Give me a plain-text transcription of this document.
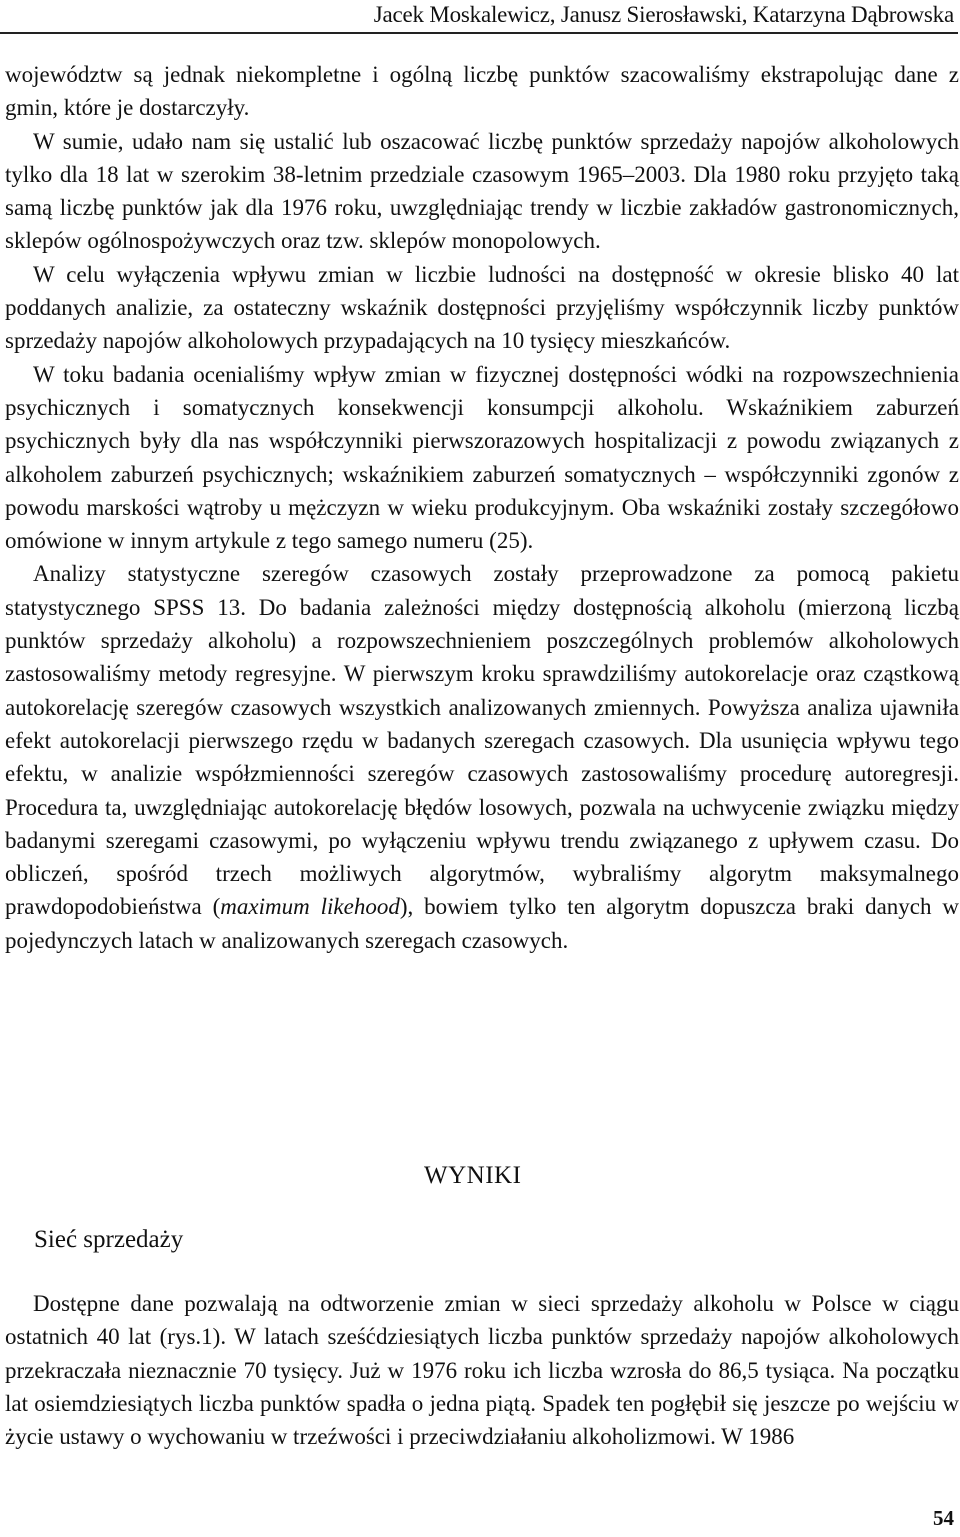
Jacek Moskalewicz, Janusz Sierosławski, Katarzyna Dąbrowska

województw są jednak niekompletne i ogólną liczbę punktów szacowaliśmy ekstrapolując dane z gmin, które je dostarczyły.

W sumie, udało nam się ustalić lub oszacować liczbę punktów sprzedaży napojów alkoholowych tylko dla 18 lat w szerokim 38-letnim przedziale czasowym 1965–2003. Dla 1980 roku przyjęto taką samą liczbę punktów jak dla 1976 roku, uwzględniając trendy w liczbie zakładów gastronomicznych, sklepów ogólnospożywczych oraz tzw. sklepów monopolowych.

W celu wyłączenia wpływu zmian w liczbie ludności na dostępność w okresie blisko 40 lat poddanych analizie, za ostateczny wskaźnik dostępności przyjęliśmy współczynnik liczby punktów sprzedaży napojów alkoholowych przypadających na 10 tysięcy mieszkańców.

W toku badania ocenialiśmy wpływ zmian w fizycznej dostępności wódki na rozpowszechnienia psychicznych i somatycznych konsekwencji konsumpcji alkoholu. Wskaźnikiem zaburzeń psychicznych były dla nas współczynniki pierwszorazowych hospitalizacji z powodu związanych z alkoholem zaburzeń psychicznych; wskaźnikiem zaburzeń somatycznych – współczynniki zgonów z powodu marskości wątroby u mężczyzn w wieku produkcyjnym. Oba wskaźniki zostały szczegółowo omówione w innym artykule z tego samego numeru (25).

Analizy statystyczne szeregów czasowych zostały przeprowadzone za pomocą pakietu statystycznego SPSS 13. Do badania zależności między dostępnością alkoholu (mierzoną liczbą punktów sprzedaży alkoholu) a rozpowszechnieniem poszczególnych problemów alkoholowych zastosowaliśmy metody regresyjne. W pierwszym kroku sprawdziliśmy autokorelacje oraz cząstkową autokorelację szeregów czasowych wszystkich analizowanych zmiennych. Powyższa analiza ujawniła efekt autokorelacji pierwszego rzędu w badanych szeregach czasowych. Dla usunięcia wpływu tego efektu, w analizie współzmienności szeregów czasowych zastosowaliśmy procedurę autoregresji. Procedura ta, uwzględniając autokorelację błędów losowych, pozwala na uchwycenie związku między badanymi szeregami czasowymi, po wyłączeniu wpływu trendu związanego z upływem czasu. Do obliczeń, spośród trzech możliwych algorytmów, wybraliśmy algorytm maksymalnego prawdopodobieństwa (maximum likehood), bowiem tylko ten algorytm dopuszcza braki danych w pojedynczych latach w analizowanych szeregach czasowych.

WYNIKI
Sieć sprzedaży

Dostępne dane pozwalają na odtworzenie zmian w sieci sprzedaży alkoholu w Polsce w ciągu ostatnich 40 lat (rys.1). W latach sześćdziesiątych liczba punktów sprzedaży napojów alkoholowych przekraczała nieznacznie 70 tysięcy. Już w 1976 roku ich liczba wzrosła do 86,5 tysiąca. Na początku lat osiemdziesiątych liczba punktów spadła o jedna piątą. Spadek ten pogłębił się jeszcze po wejściu w życie ustawy o wychowaniu w trzeźwości i przeciwdziałaniu alkoholizmowi. W 1986

54
